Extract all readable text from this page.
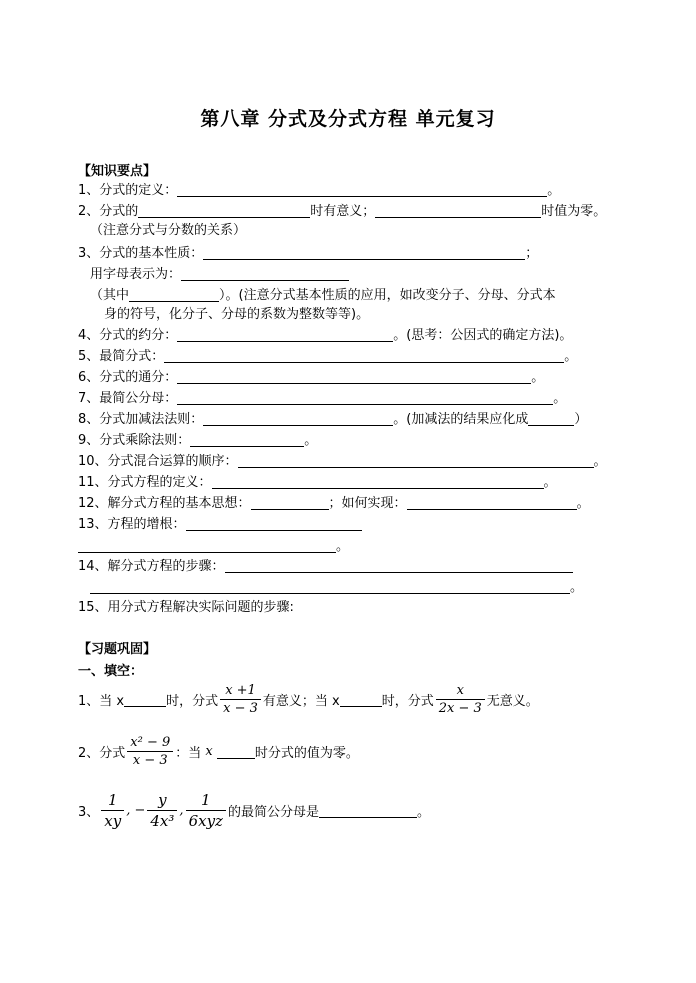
第八章 分式及分式方程 单元复习
【知识要点】
1、分式的定义：	。
2、分式的	时有意义；	时值为零。
（注意分式与分数的关系）
3、分式的基本性质：	；
用字母表示为：
（其中	）。(注意分式基本性质的应用，如改变分子、分母、分式本
身的符号，化分子、分母的系数为整数等等)。
4、分式的约分：	。(思考：公因式的确定方法)。
5、最简分式：	。
6、分式的通分：	。
7、最简公分母：	。
8、分式加减法法则：	。(加减法的结果应化成	）
9、分式乘除法则：	。
10、分式混合运算的顺序：	。
11、分式方程的定义：	。
12、解分式方程的基本思想：	；如何实现：	。
13、方程的增根：
。
14、解分式方程的步骤：
。
15、用分式方程解决实际问题的步骤:
【习题巩固】
一、填空：
1、当 x	时，分式 $\frac{x +1}{x - 3}$ 有意义；当 x	时，分式 $\frac{x}{2x - 3}$ 无意义。
2、分式 $\frac{\text{x² − 9}}{x - 3}$ ：当
x
	时分式的值为零。
3、 $\frac{1}{xy}$ , − $\frac{y}{\text{4x³}}$ , $\frac{1}{\text{6xyz}}$ 的最简公分母是	。
